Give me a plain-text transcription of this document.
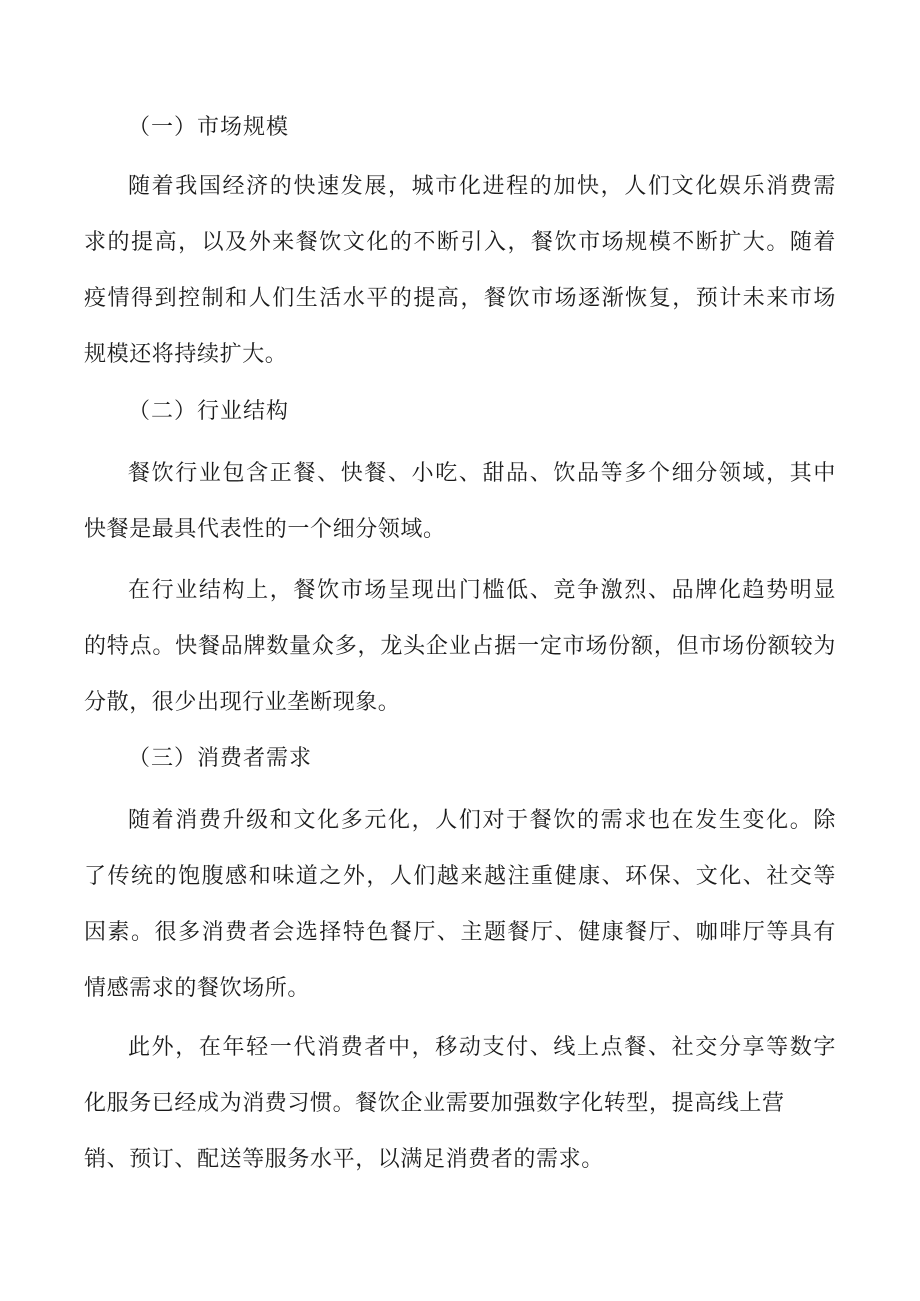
（一）市场规模

随着我国经济的快速发展，城市化进程的加快，人们文化娱乐消费需
求的提高，以及外来餐饮文化的不断引入，餐饮市场规模不断扩大。随着
疫情得到控制和人们生活水平的提高，餐饮市场逐渐恢复，预计未来市场
规模还将持续扩大。

（二）行业结构

餐饮行业包含正餐、快餐、小吃、甜品、饮品等多个细分领域，其中
快餐是最具代表性的一个细分领域。

在行业结构上，餐饮市场呈现出门槛低、竞争激烈、品牌化趋势明显
的特点。快餐品牌数量众多，龙头企业占据一定市场份额，但市场份额较为
分散，很少出现行业垄断现象。

（三）消费者需求

随着消费升级和文化多元化，人们对于餐饮的需求也在发生变化。除
了传统的饱腹感和味道之外，人们越来越注重健康、环保、文化、社交等
因素。很多消费者会选择特色餐厅、主题餐厅、健康餐厅、咖啡厅等具有
情感需求的餐饮场所。

此外，在年轻一代消费者中，移动支付、线上点餐、社交分享等数字
化服务已经成为消费习惯。餐饮企业需要加强数字化转型，提高线上营
销、预订、配送等服务水平，以满足消费者的需求。
